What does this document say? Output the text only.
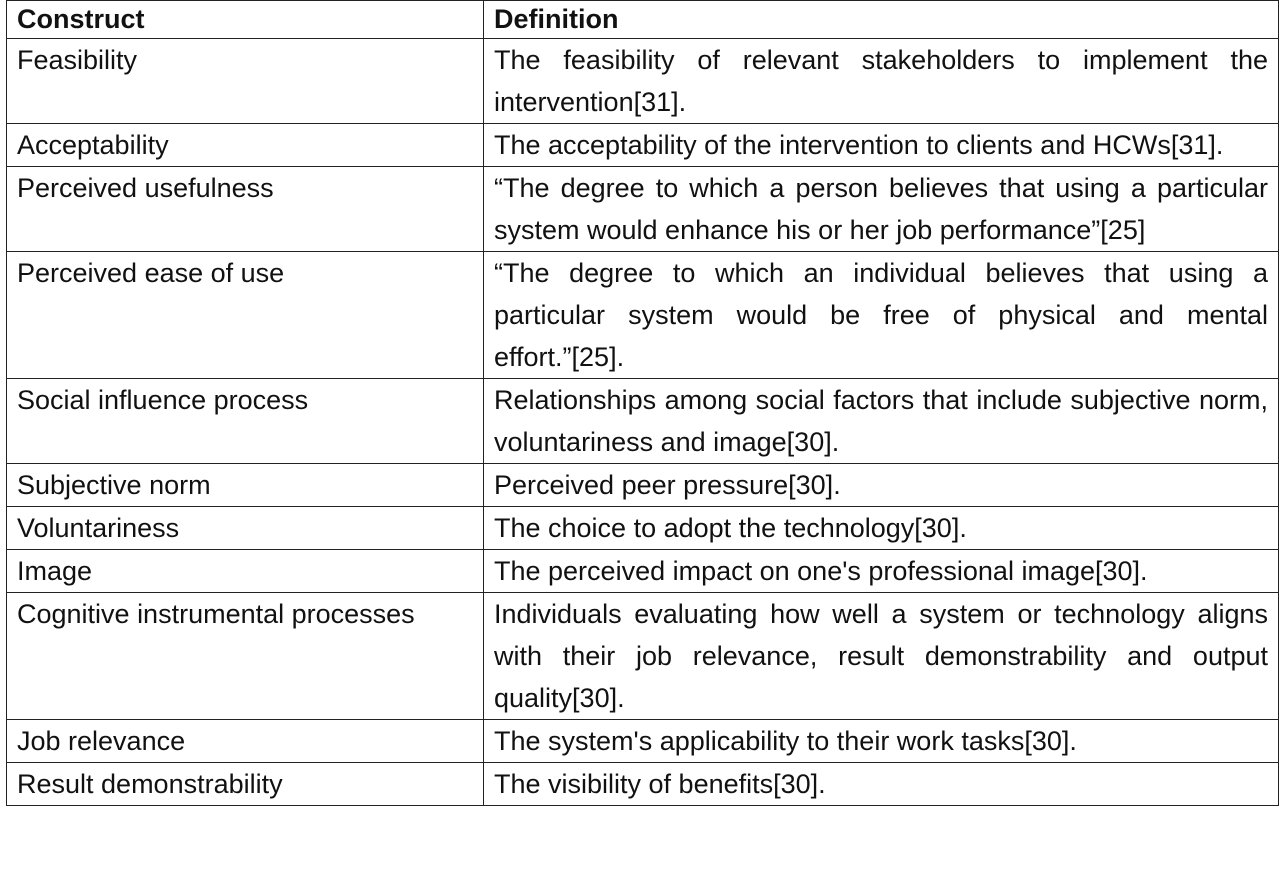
Construct	Definition
Feasibility	The feasibility of relevant stakeholders to implement the intervention[31].
Acceptability	The acceptability of the intervention to clients and HCWs[31].
Perceived usefulness	“The degree to which a person believes that using a particular system would enhance his or her job performance”[25]
Perceived ease of use	“The degree to which an individual believes that using a particular system would be free of physical and mental effort.”[25].
Social influence process	Relationships among social factors that include subjective norm, voluntariness and image[30].
Subjective norm	Perceived peer pressure[30].
Voluntariness	The choice to adopt the technology[30].
Image	The perceived impact on one's professional image[30].
Cognitive instrumental processes	Individuals evaluating how well a system or technology aligns with their job relevance, result demonstrability and output quality[30].
Job relevance	The system's applicability to their work tasks[30].
Result demonstrability	The visibility of benefits[30].
